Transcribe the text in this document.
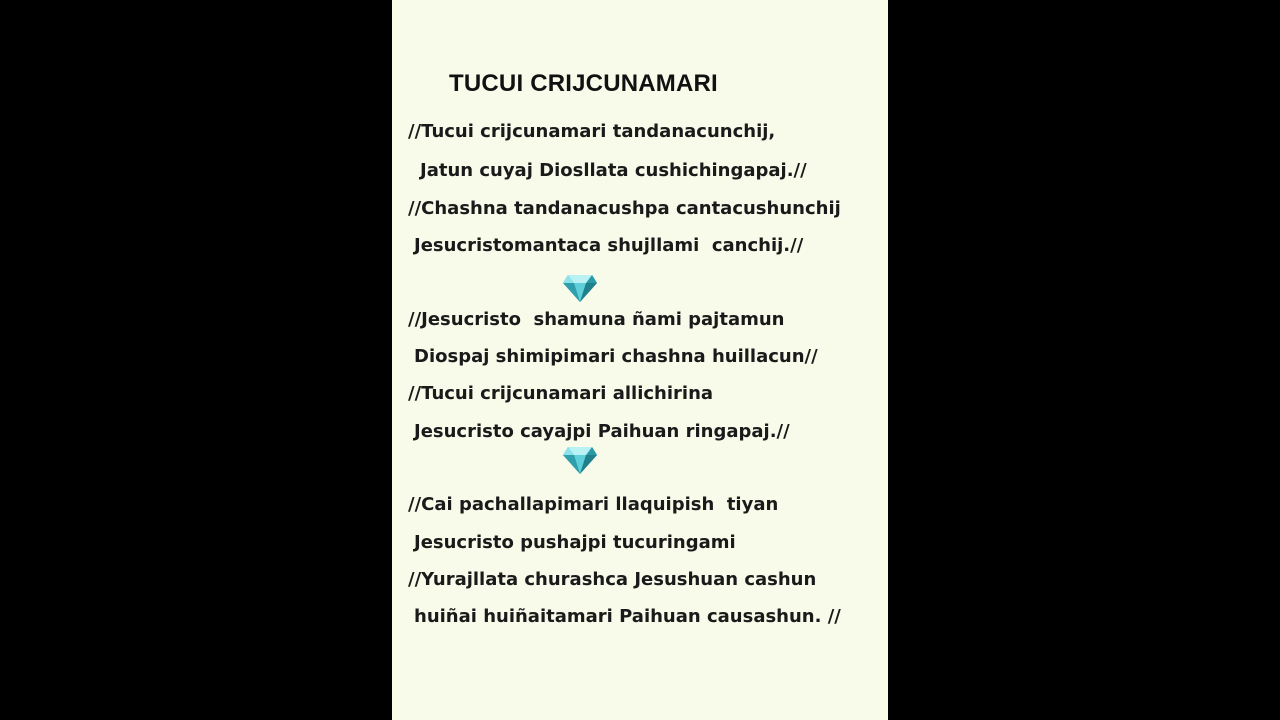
TUCUI CRIJCUNAMARI
//Tucui crijcunamari tandanacunchij,
Jatun cuyaj Diosllata cushichingapaj.//
//Chashna tandanacushpa cantacushunchij
Jesucristomantaca shujllami  canchij.//
//Jesucristo  shamuna ñami pajtamun
Diospaj shimipimari chashna huillacun//
//Tucui crijcunamari allichirina
Jesucristo cayajpi Paihuan ringapaj.//
//Cai pachallapimari llaquipish  tiyan
Jesucristo pushajpi tucuringami
//Yurajllata churashca Jesushuan cashun
huiñai huiñaitamari Paihuan causashun. //
